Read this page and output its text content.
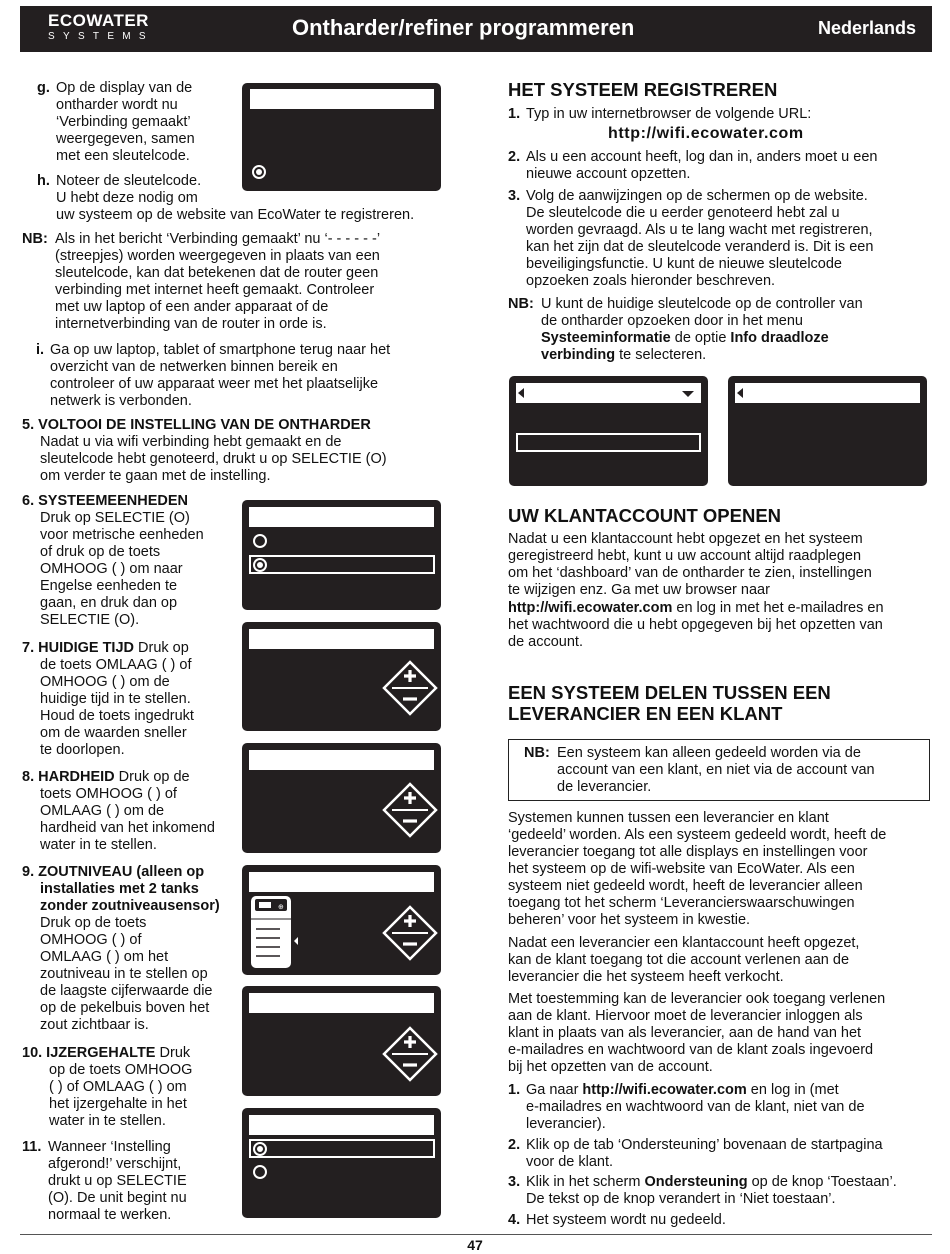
ECOWATER
SYSTEMS	Ontharder/refiner programmeren	Nederlands
g. Op de display van de
ontharder wordt nu
‘Verbinding gemaakt’
weergegeven, samen
met een sleutelcode.
h. Noteer de sleutelcode.
U hebt deze nodig om
uw systeem op de website van EcoWater te registreren.
NB: Als in het bericht ‘Verbinding gemaakt’ nu ‘- - - - - -’
(streepjes) worden weergegeven in plaats van een
sleutelcode, kan dat betekenen dat de router geen
verbinding met internet heeft gemaakt. Controleer
met uw laptop of een ander apparaat of de
internetverbinding van de router in orde is.
i. Ga op uw laptop, tablet of smartphone terug naar het
overzicht van de netwerken binnen bereik en
controleer of uw apparaat weer met het plaatselijke
netwerk is verbonden.
5. VOLTOOI DE INSTELLING VAN DE ONTHARDER
Nadat u via wifi verbinding hebt gemaakt en de
sleutelcode hebt genoteerd, drukt u op SELECTIE (O)
om verder te gaan met de instelling.
6. SYSTEEMEENHEDEN
Druk op SELECTIE (O)
voor metrische eenheden
of druk op de toets
OMHOOG ( ) om naar
Engelse eenheden te
gaan, en druk dan op
SELECTIE (O).
7. HUIDIGE TIJD Druk op
de toets OMLAAG ( ) of
OMHOOG ( ) om de
huidige tijd in te stellen.
Houd de toets ingedrukt
om de waarden sneller
te doorlopen.
8. HARDHEID Druk op de
toets OMHOOG ( ) of
OMLAAG ( ) om de
hardheid van het inkomend
water in te stellen.
9. ZOUTNIVEAU (alleen op
installaties met 2 tanks
zonder zoutniveausensor)
Druk op de toets
OMHOOG ( ) of
OMLAAG ( ) om het
zoutniveau in te stellen op
de laagste cijferwaarde die
op de pekelbuis boven het
zout zichtbaar is.
10. IJZERGEHALTE Druk
op de toets OMHOOG
( ) of OMLAAG ( ) om
het ijzergehalte in het
water in te stellen.
11. Wanneer ‘Instelling
afgerond!’ verschijnt,
drukt u op SELECTIE
(O). De unit begint nu
normaal te werken.
⊕
HET SYSTEEM REGISTREREN
1. Typ in uw internetbrowser de volgende URL:
http://wifi.ecowater.com
2. Als u een account heeft, log dan in, anders moet u een
nieuwe account opzetten.
3. Volg de aanwijzingen op de schermen op de website.
De sleutelcode die u eerder genoteerd hebt zal u
worden gevraagd. Als u te lang wacht met registreren,
kan het zijn dat de sleutelcode veranderd is. Dit is een
beveiligingsfunctie. U kunt de nieuwe sleutelcode
opzoeken zoals hieronder beschreven.
NB: U kunt de huidige sleutelcode op de controller van
de ontharder opzoeken door in het menu
Systeeminformatie de optie Info draadloze
verbinding te selecteren.
UW KLANTACCOUNT OPENEN
Nadat u een klantaccount hebt opgezet en het systeem
geregistreerd hebt, kunt u uw account altijd raadplegen
om het ‘dashboard’ van de ontharder te zien, instellingen
te wijzigen enz. Ga met uw browser naar
http://wifi.ecowater.com en log in met het e-mailadres en
het wachtwoord die u hebt opgegeven bij het opzetten van
de account.
EEN SYSTEEM DELEN TUSSEN EEN
LEVERANCIER EN EEN KLANT
NB: Een systeem kan alleen gedeeld worden via de
account van een klant, en niet via de account van
de leverancier.
Systemen kunnen tussen een leverancier en klant
‘gedeeld’ worden. Als een systeem gedeeld wordt, heeft de
leverancier toegang tot alle displays en instellingen voor
het systeem op de wifi-website van EcoWater. Als een
systeem niet gedeeld wordt, heeft de leverancier alleen
toegang tot het scherm ‘Leverancierswaarschuwingen
beheren’ voor het systeem in kwestie.
Nadat een leverancier een klantaccount heeft opgezet,
kan de klant toegang tot die account verlenen aan de
leverancier die het systeem heeft verkocht.
Met toestemming kan de leverancier ook toegang verlenen
aan de klant. Hiervoor moet de leverancier inloggen als
klant in plaats van als leverancier, aan de hand van het
e-mailadres en wachtwoord van de klant zoals ingevoerd
bij het opzetten van de account.
1. Ga naar http://wifi.ecowater.com en log in (met
e-mailadres en wachtwoord van de klant, niet van de
leverancier).
2. Klik op de tab ‘Ondersteuning’ bovenaan de startpagina
voor de klant.
3. Klik in het scherm Ondersteuning op de knop ‘Toestaan’.
De tekst op de knop verandert in ‘Niet toestaan’.
4. Het systeem wordt nu gedeeld.
47
